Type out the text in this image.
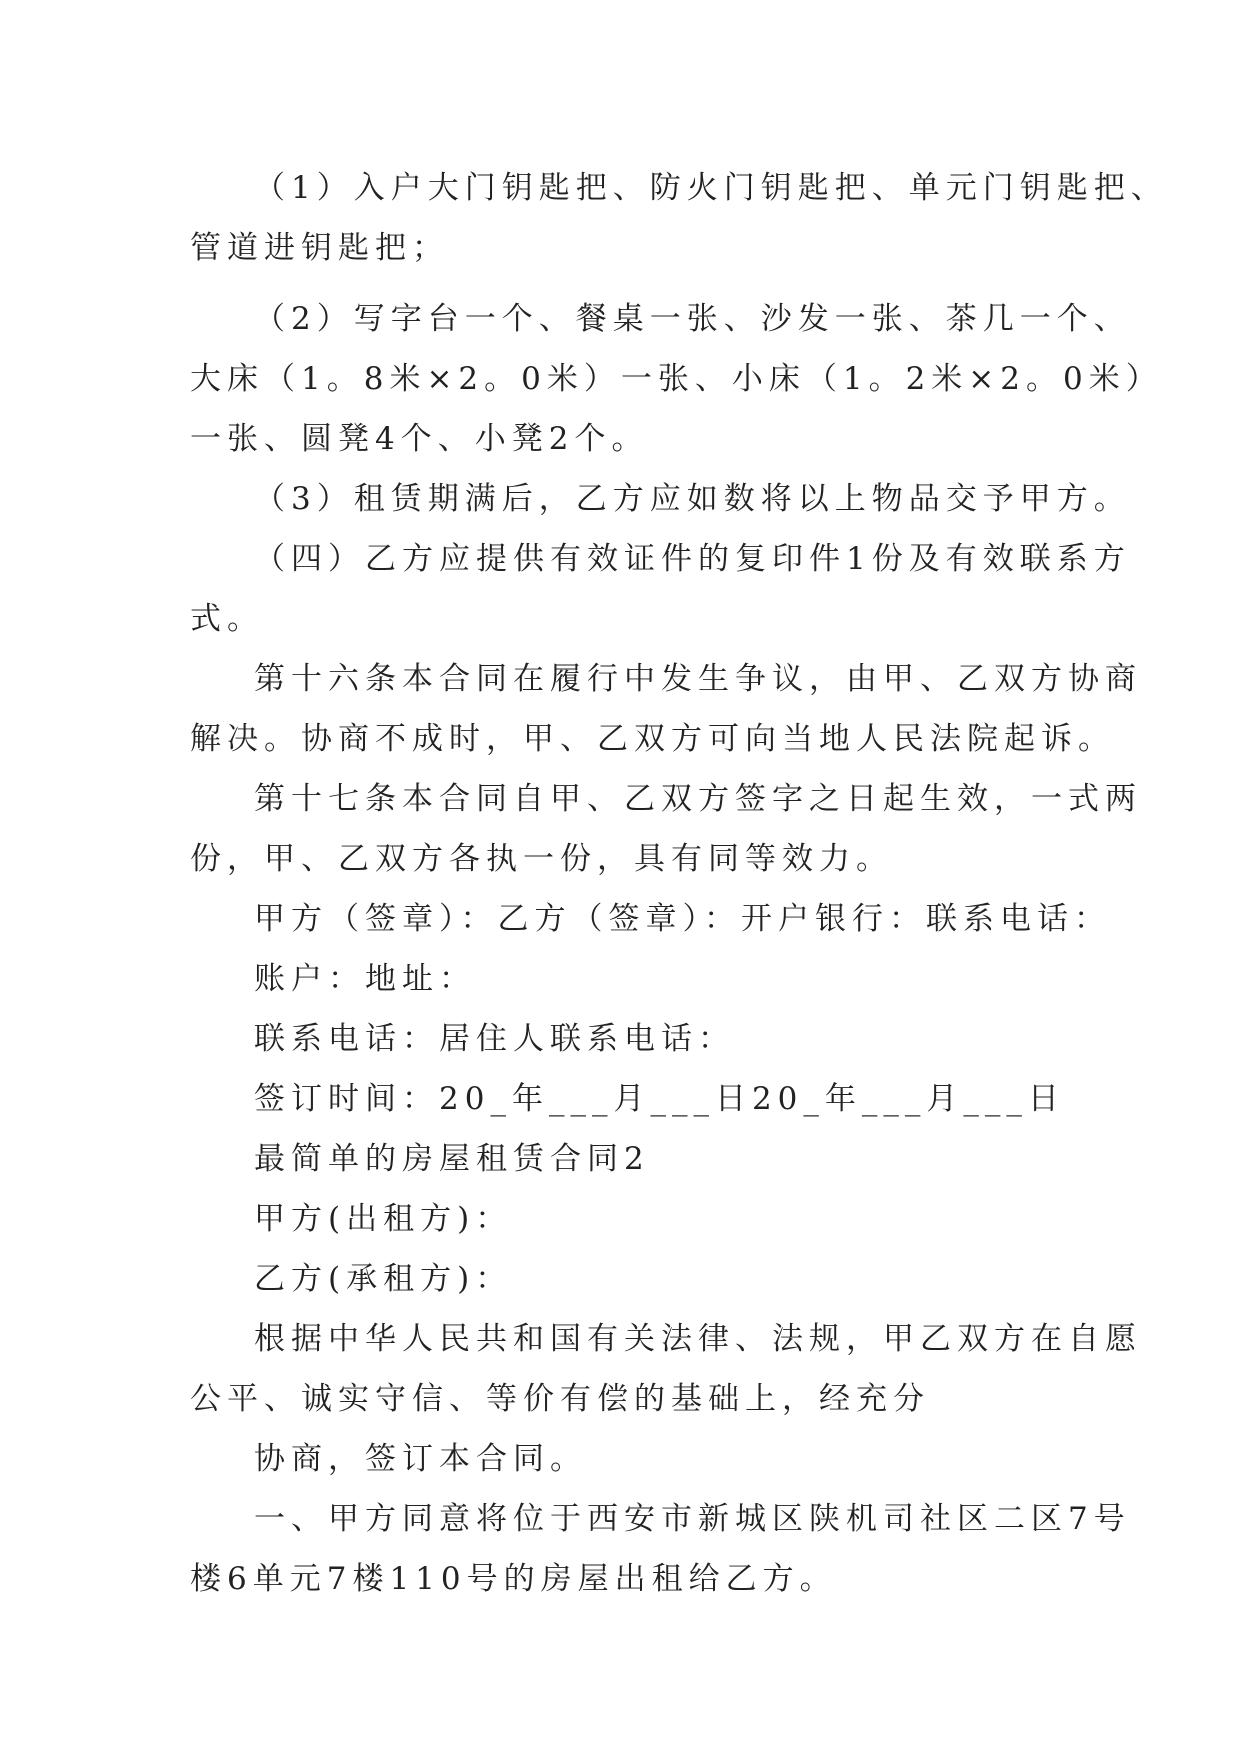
（1）入户大门钥匙把、防火门钥匙把、单元门钥匙把、
管道进钥匙把；
（2）写字台一个、餐桌一张、沙发一张、茶几一个、
大床（1。8米×2。0米）一张、小床（1。2米×2。0米）
一张、圆凳4个、小凳2个。
（3）租赁期满后，乙方应如数将以上物品交予甲方。
（四）乙方应提供有效证件的复印件1份及有效联系方
式。
第十六条本合同在履行中发生争议，由甲、乙双方协商
解决。协商不成时，甲、乙双方可向当地人民法院起诉。
第十七条本合同自甲、乙双方签字之日起生效，一式两
份，甲、乙双方各执一份，具有同等效力。
甲方（签章）：乙方（签章）：开户银行：联系电话：
账户：地址：
联系电话：居住人联系电话：
签订时间：20_年___月___日20_年___月___日
最简单的房屋租赁合同2
甲方(出租方)：
乙方(承租方)：
根据中华人民共和国有关法律、法规，甲乙双方在自愿
公平、诚实守信、等价有偿的基础上，经充分
协商，签订本合同。
一、甲方同意将位于西安市新城区陕机司社区二区7号
楼6单元7楼110号的房屋出租给乙方。
